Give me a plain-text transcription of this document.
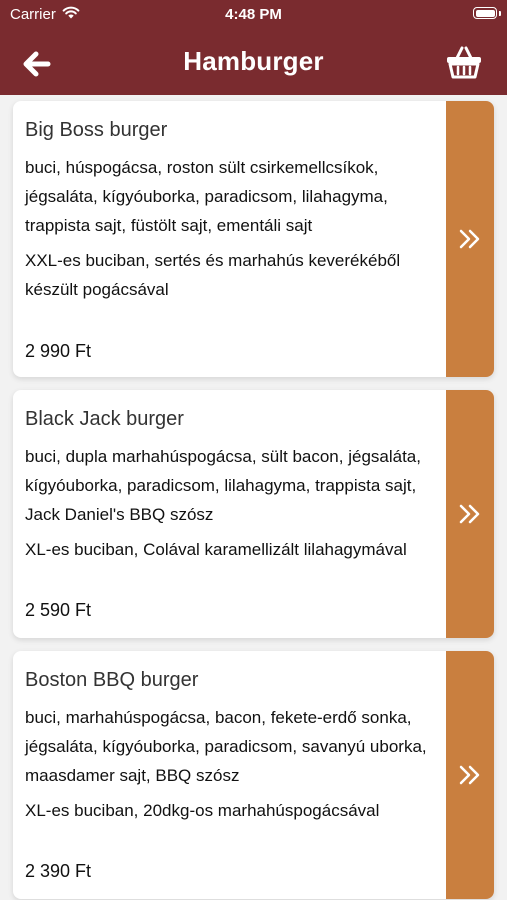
Carrier	4:48 PM
Hamburger
Big Boss burger
buci, húspogácsa, roston sült csirkemellcsíkok, jégsaláta, kígyóuborka, paradicsom, lilahagyma, trappista sajt, füstölt sajt, ementáli sajt
XXL-es buciban, sertés és marhahús keverékéből készült pogácsával
2 990 Ft
Black Jack burger
buci, dupla marhahúspogácsa, sült bacon, jégsaláta, kígyóuborka, paradicsom, lilahagyma, trappista sajt, Jack Daniel's BBQ szósz
XL-es buciban, Colával karamellizált lilahagymával
2 590 Ft
Boston BBQ burger
buci, marhahúspogácsa, bacon, fekete-erdő sonka, jégsaláta, kígyóuborka, paradicsom, savanyú uborka, maasdamer sajt, BBQ szósz
XL-es buciban, 20dkg-os marhahúspogácsával
2 390 Ft
